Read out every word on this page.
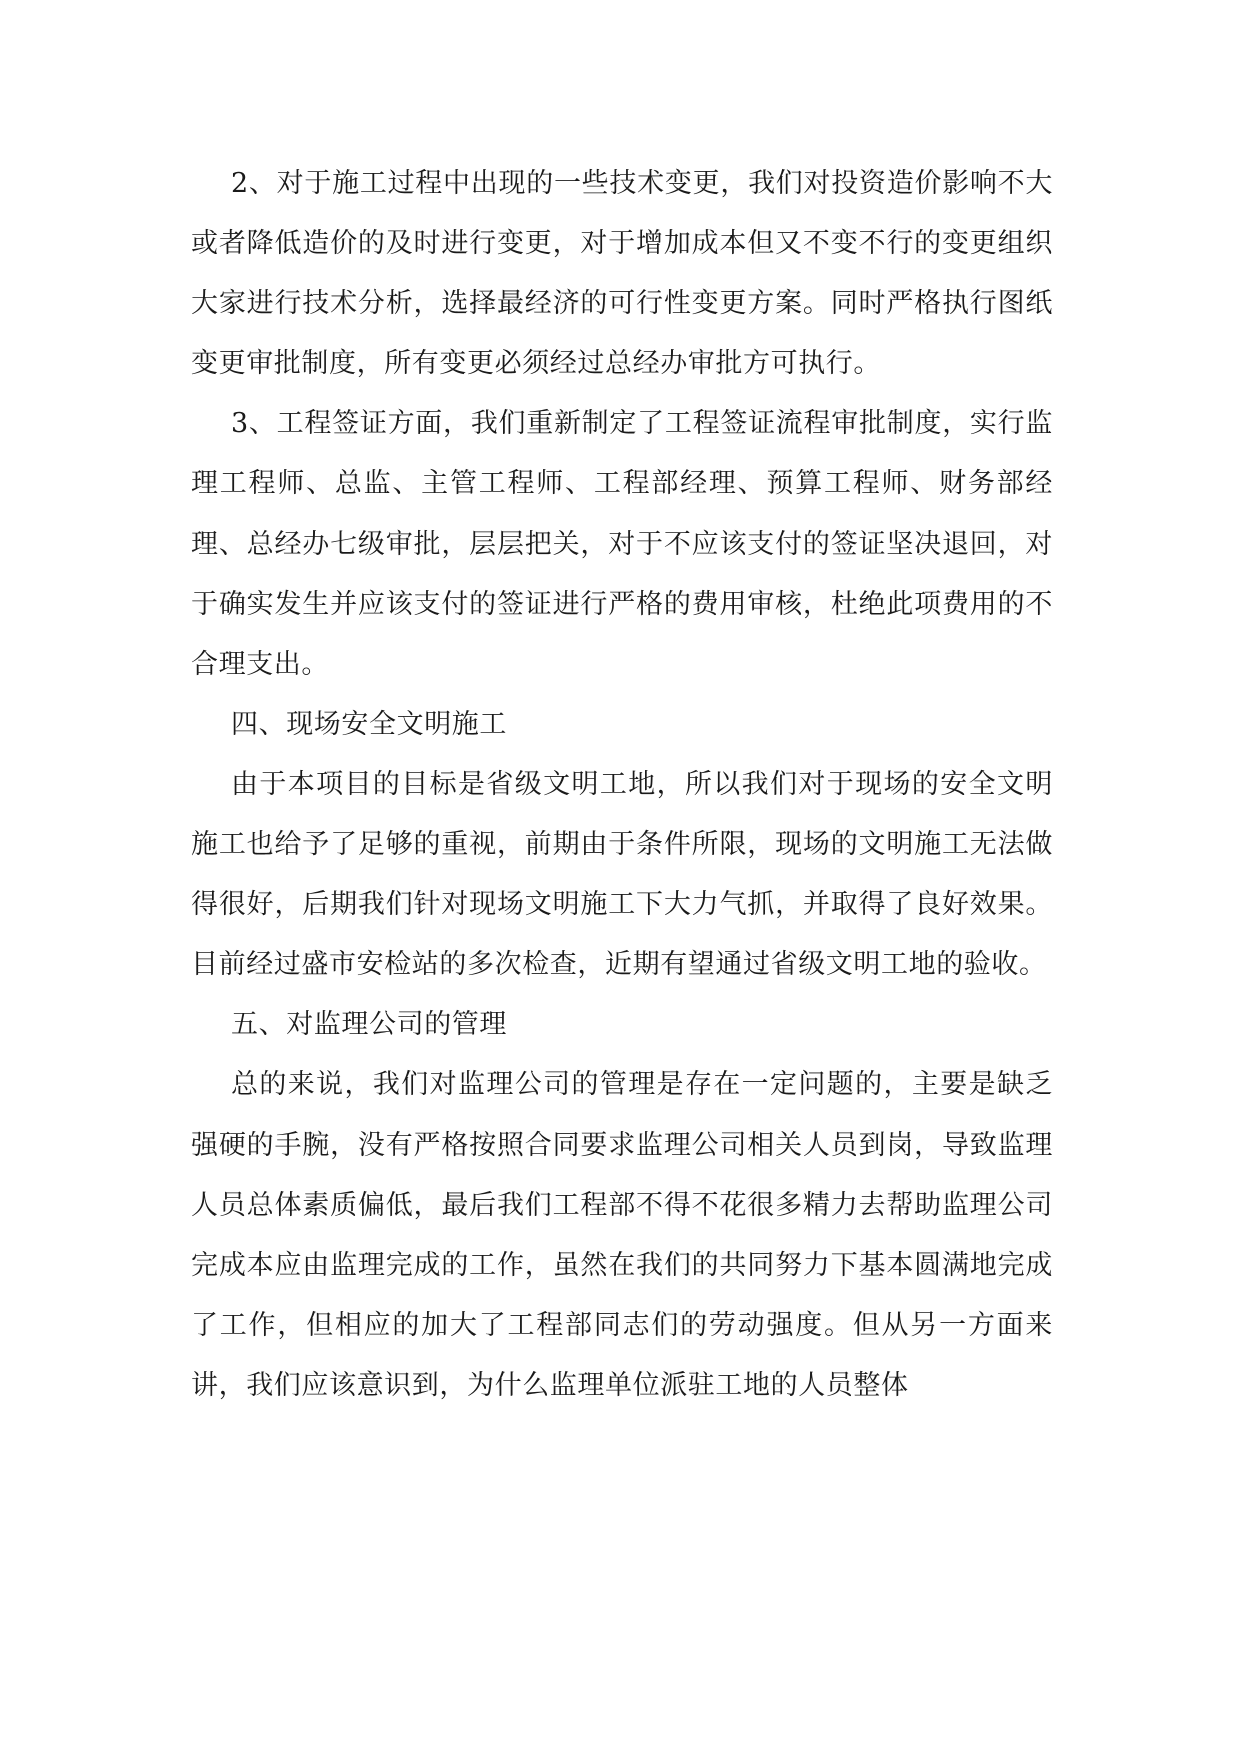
2、对于施工过程中出现的一些技术变更，我们对投资造价影响不大或者降低造价的及时进行变更，对于增加成本但又不变不行的变更组织大家进行技术分析，选择最经济的可行性变更方案。同时严格执行图纸变更审批制度，所有变更必须经过总经办审批方可执行。

3、工程签证方面，我们重新制定了工程签证流程审批制度，实行监理工程师、总监、主管工程师、工程部经理、预算工程师、财务部经理、总经办七级审批，层层把关，对于不应该支付的签证坚决退回，对于确实发生并应该支付的签证进行严格的费用审核，杜绝此项费用的不合理支出。

四、现场安全文明施工

由于本项目的目标是省级文明工地，所以我们对于现场的安全文明施工也给予了足够的重视，前期由于条件所限，现场的文明施工无法做得很好，后期我们针对现场文明施工下大力气抓，并取得了良好效果。目前经过盛市安检站的多次检查，近期有望通过省级文明工地的验收。

五、对监理公司的管理

总的来说，我们对监理公司的管理是存在一定问题的，主要是缺乏强硬的手腕，没有严格按照合同要求监理公司相关人员到岗，导致监理人员总体素质偏低，最后我们工程部不得不花很多精力去帮助监理公司完成本应由监理完成的工作，虽然在我们的共同努力下基本圆满地完成了工作，但相应的加大了工程部同志们的劳动强度。但从另一方面来讲，我们应该意识到，为什么监理单位派驻工地的人员整体
